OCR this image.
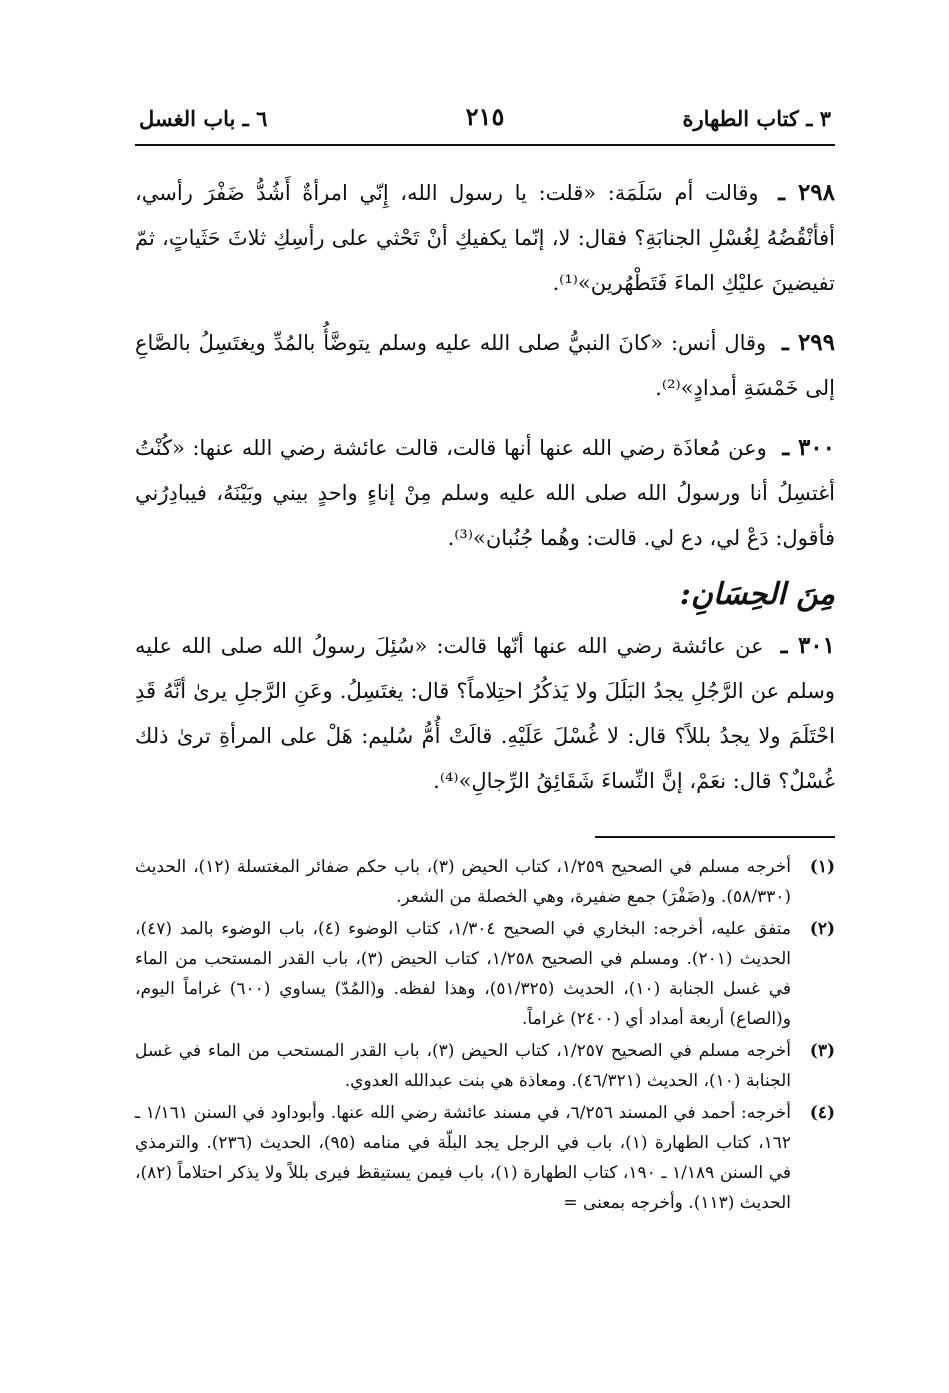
٣ ـ كتاب الطهارة
٢١٥
٦ ـ باب الغسل

٢٩٨ ـ وقالت أم سَلَمَة: «قلت: يا رسول الله، إِنّي امرأةٌ أَشُدُّ ضَفْرَ رأسي، أفأنْقُضُهُ لِغُسْلِ الجنابَةِ؟ فقال: لا، إنّما يكفيكِ أنْ تَحْثي على رأسِكِ ثلاثَ حَثَياتٍ، ثمّ تفيضينَ عليْكِ الماءَ فَتَطْهُرين»⁽¹⁾.

٢٩٩ ـ وقال أنس: «كانَ النبيُّ صلى الله عليه وسلم يتوضَّأُ بالمُدِّ ويغتَسِلُ بالصَّاعِ إلى خَمْسَةِ أمدادٍ»⁽²⁾.

٣٠٠ ـ وعن مُعاذَة رضي الله عنها أنها قالت، قالت عائشة رضي الله عنها: «كُنْتُ أغتسِلُ أنا ورسولُ الله صلى الله عليه وسلم مِنْ إناءٍ واحدٍ بيني وبَيْنَهُ، فيبادِرُني فأقول: دَعْ لي، دع لي. قالت: وهُما جُنُبان»⁽³⁾.

مِنَ الحِسَانِ:

٣٠١ ـ عن عائشة رضي الله عنها أنّها قالت: «سُئِلَ رسولُ الله صلى الله عليه وسلم عن الرَّجُلِ يجدُ البَلَلَ ولا يَذكُرُ احتِلاماً؟ قال: يغتَسِلُ. وعَنِ الرَّجلِ يرىٰ أنَّهُ قَدِ احْتَلَمَ ولا يجدُ بللاً؟ قال: لا غُسْلَ عَلَيْهِ. قالَتْ أُمُّ سُليم: هَلْ على المرأةِ ترىٰ ذلك غُسْلٌ؟ قال: نعَمْ، إنَّ النِّساءَ شَقَائِقُ الرِّجالِ»⁽⁴⁾.

(١)
أخرجه مسلم في الصحيح ١/٢٥٩، كتاب الحيض (٣)، باب حكم ضفائر المغتسلة (١٢)، الحديث (٥٨/٣٣٠). و(ضَفْرَ) جمع ضفيرة، وهي الخصلة من الشعر.
(٢)
متفق عليه، أخرجه: البخاري في الصحيح ١/٣٠٤، كتاب الوضوء (٤)، باب الوضوء بالمد (٤٧)، الحديث (٢٠١). ومسلم في الصحيح ١/٢٥٨، كتاب الحيض (٣)، باب القدر المستحب من الماء في غسل الجنابة (١٠)، الحديث (٥١/٣٢٥)، وهذا لفظه. و(المُدّ) يساوي (٦٠٠) غراماً اليوم، و(الصاع) أربعة أمداد أي (٢٤٠٠) غراماً.
(٣)
أخرجه مسلم في الصحيح ١/٢٥٧، كتاب الحيض (٣)، باب القدر المستحب من الماء في غسل الجنابة (١٠)، الحديث (٤٦/٣٢١). ومعاذة هي بنت عبدالله العدوي.
(٤)
أخرجه: أحمد في المسند ٦/٢٥٦، في مسند عائشة رضي الله عنها. وأبوداود في السنن ١/١٦١ ـ ١٦٢، كتاب الطهارة (١)، باب في الرجل يجد البلّة في منامه (٩٥)، الحديث (٢٣٦). والترمذي في السنن ١/١٨٩ ـ ١٩٠، كتاب الطهارة (١)، باب فيمن يستيقظ فيرى بللاً ولا يذكر احتلاماً (٨٢)، الحديث (١١٣). وأخرجه بمعنى =
